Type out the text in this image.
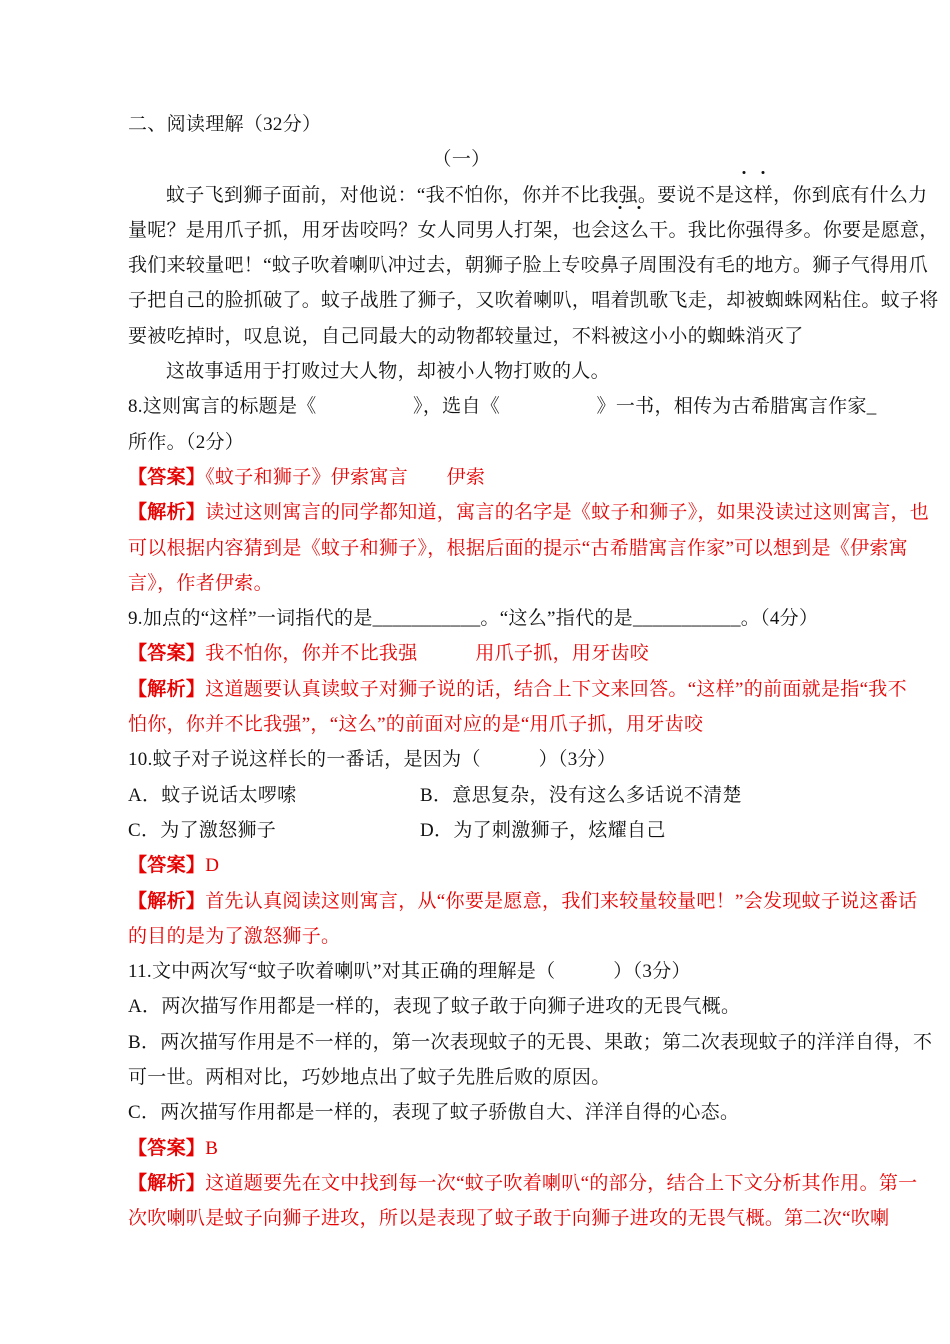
二、阅读理解（32分）
（一）
蚊子飞到狮子面前，对他说：“我不怕你，你并不比我强。要说不是这样，你到底有什么力
量呢？是用爪子抓，用牙齿咬吗？女人同男人打架，也会这么干。我比你强得多。你要是愿意，
我们来较量吧！“蚊子吹着喇叭冲过去，朝狮子脸上专咬鼻子周围没有毛的地方。狮子气得用爪
子把自己的脸抓破了。蚊子战胜了狮子，又吹着喇叭，唱着凯歌飞走，却被蜘蛛网粘住。蚊子将
要被吃掉时，叹息说，自己同最大的动物都较量过，不料被这小小的蜘蛛消灭了
这故事适用于打败过大人物，却被小人物打败的人。
8.这则寓言的标题是《　　　　　》，选自《　　　　　》一书，相传为古希腊寓言作家_
所作。（2分）
【答案】《蚊子和狮子》伊索寓言　　伊索
【解析】读过这则寓言的同学都知道，寓言的名字是《蚊子和狮子》，如果没读过这则寓言，也
可以根据内容猜到是《蚊子和狮子》，根据后面的提示“古希腊寓言作家”可以想到是《伊索寓
言》，作者伊索。
9.加点的“这样”一词指代的是___________。“这么”指代的是___________。（4分）
【答案】我不怕你，你并不比我强　　　用爪子抓，用牙齿咬
【解析】这道题要认真读蚊子对狮子说的话，结合上下文来回答。“这样”的前面就是指“我不
怕你，你并不比我强”，“这么”的前面对应的是“用爪子抓，用牙齿咬
10.蚊子对子说这样长的一番话，是因为（　　　）（3分）
A．蚊子说话太啰嗦	B．意思复杂，没有这么多话说不清楚
C．为了激怒狮子	D．为了刺激狮子，炫耀自己
【答案】D
【解析】首先认真阅读这则寓言，从“你要是愿意，我们来较量较量吧！”会发现蚊子说这番话
的目的是为了激怒狮子。
11.文中两次写“蚊子吹着喇叭”对其正确的理解是（　　　）（3分）
A．两次描写作用都是一样的，表现了蚊子敢于向狮子进攻的无畏气概。
B．两次描写作用是不一样的，第一次表现蚊子的无畏、果敢；第二次表现蚊子的洋洋自得，不
可一世。两相对比，巧妙地点出了蚊子先胜后败的原因。
C．两次描写作用都是一样的，表现了蚊子骄傲自大、洋洋自得的心态。
【答案】B
【解析】这道题要先在文中找到每一次“蚊子吹着喇叭“的部分，结合上下文分析其作用。第一
次吹喇叭是蚊子向狮子进攻，所以是表现了蚊子敢于向狮子进攻的无畏气概。第二次“吹喇
